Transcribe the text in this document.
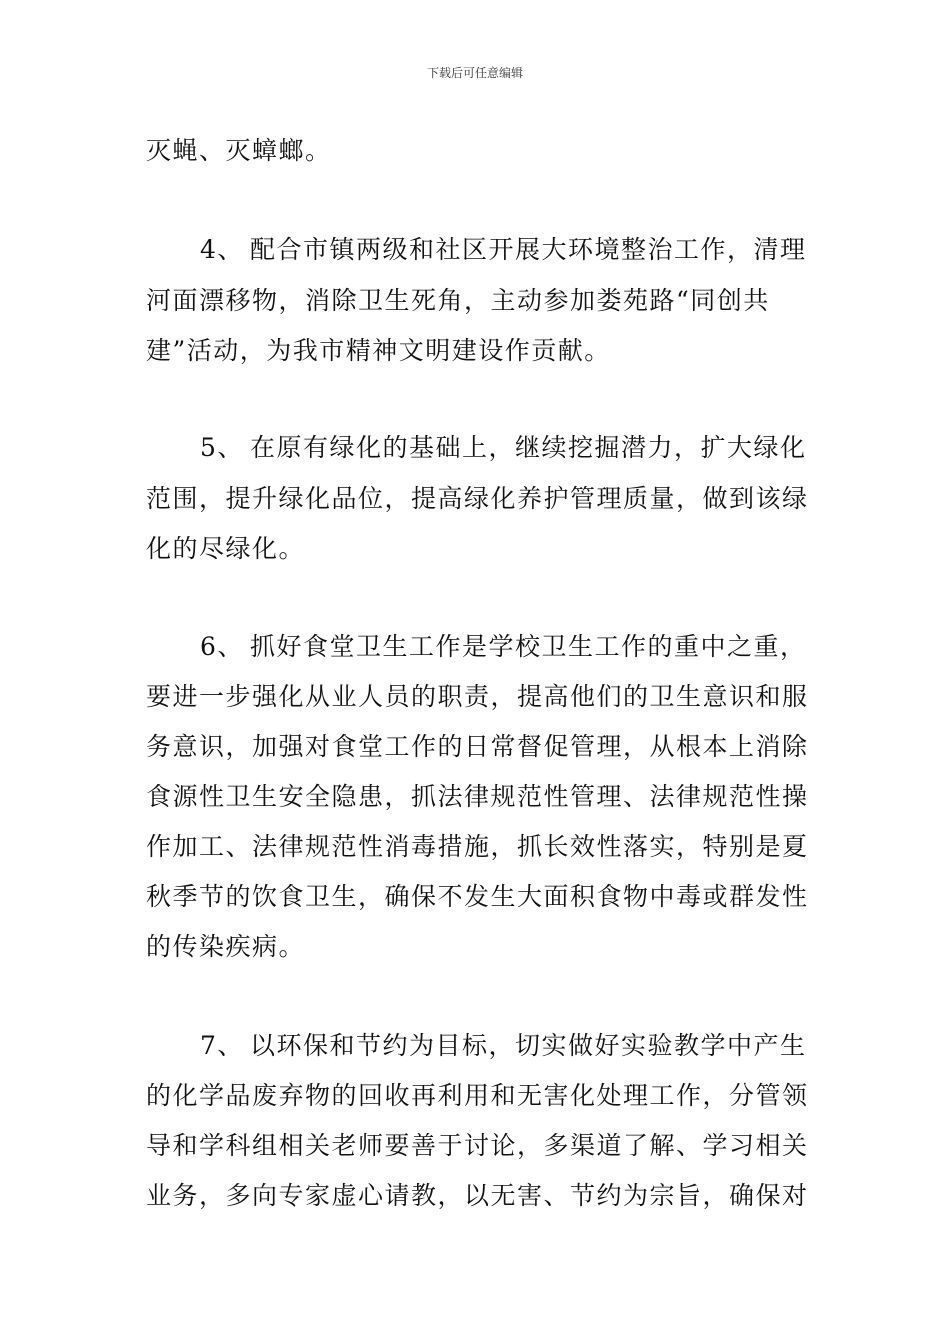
下载后可任意编辑
灭蝇、灭蟑螂。
4、 配合市镇两级和社区开展大环境整治工作，清理
河面漂移物，消除卫生死角，主动参加娄苑路“同创共
建”活动，为我市精神文明建设作贡献。
5、 在原有绿化的基础上，继续挖掘潜力，扩大绿化
范围，提升绿化品位，提高绿化养护管理质量，做到该绿
化的尽绿化。
6、 抓好食堂卫生工作是学校卫生工作的重中之重，
要进一步强化从业人员的职责，提高他们的卫生意识和服
务意识，加强对食堂工作的日常督促管理，从根本上消除
食源性卫生安全隐患，抓法律规范性管理、法律规范性操
作加工、法律规范性消毒措施，抓长效性落实，特别是夏
秋季节的饮食卫生，确保不发生大面积食物中毒或群发性
的传染疾病。
7、 以环保和节约为目标，切实做好实验教学中产生
的化学品废弃物的回收再利用和无害化处理工作，分管领
导和学科组相关老师要善于讨论，多渠道了解、学习相关
业务，多向专家虚心请教，以无害、节约为宗旨，确保对
